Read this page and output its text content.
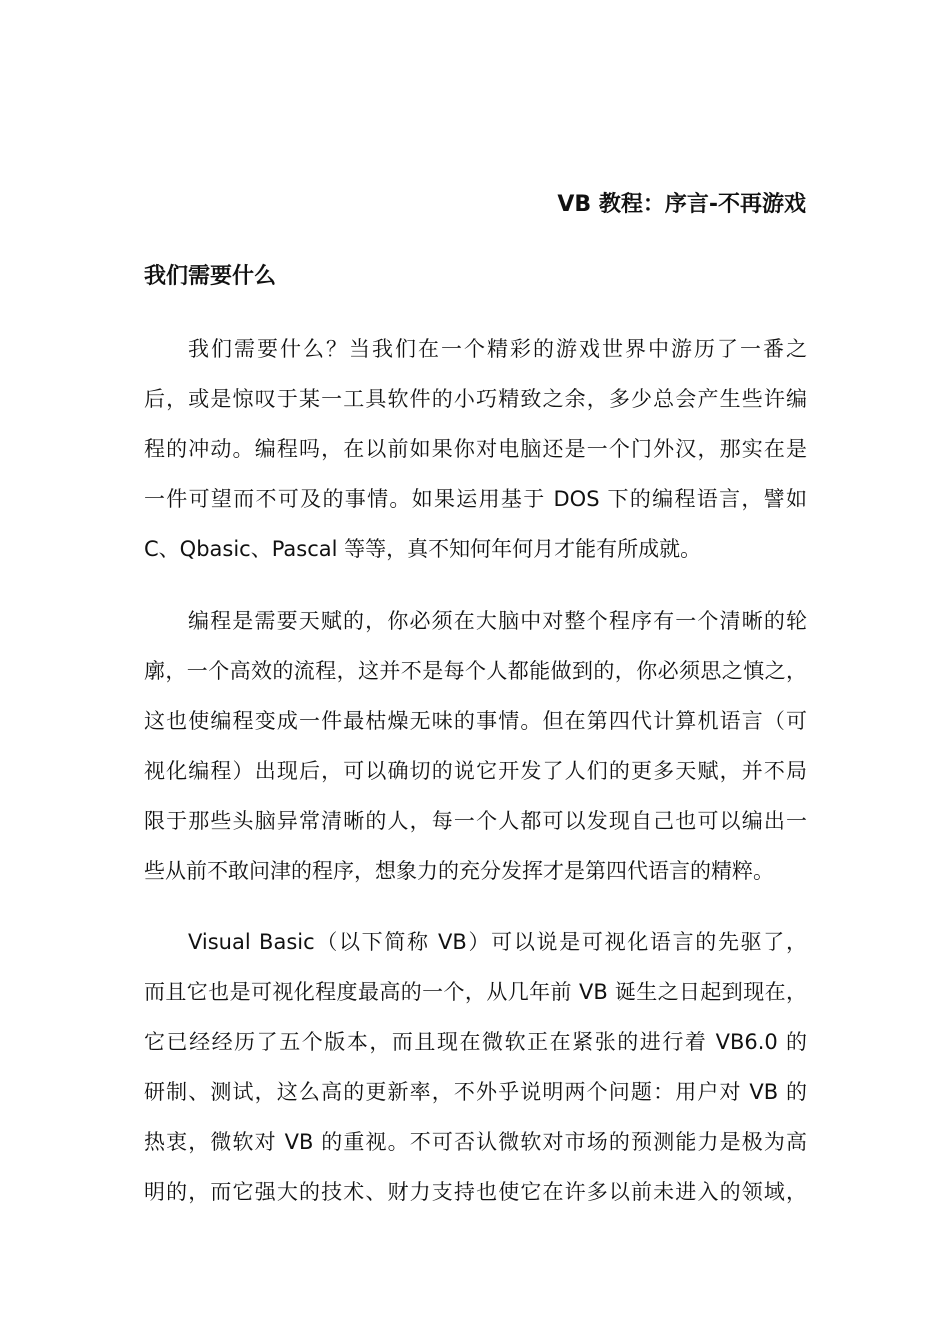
VB 教程：序言-不再游戏
我们需要什么
我们需要什么？当我们在一个精彩的游戏世界中游历了一番之
后，或是惊叹于某一工具软件的小巧精致之余，多少总会产生些许编
程的冲动。编程吗，在以前如果你对电脑还是一个门外汉，那实在是
一件可望而不可及的事情。如果运用基于 DOS 下的编程语言，譬如
C、Qbasic、Pascal 等等，真不知何年何月才能有所成就。
编程是需要天赋的，你必须在大脑中对整个程序有一个清晰的轮
廓，一个高效的流程，这并不是每个人都能做到的，你必须思之慎之，
这也使编程变成一件最枯燥无味的事情。但在第四代计算机语言（可
视化编程）出现后，可以确切的说它开发了人们的更多天赋，并不局
限于那些头脑异常清晰的人，每一个人都可以发现自己也可以编出一
些从前不敢问津的程序，想象力的充分发挥才是第四代语言的精粹。
Visual Basic（以下简称 VB）可以说是可视化语言的先驱了，
而且它也是可视化程度最高的一个，从几年前 VB 诞生之日起到现在，
它已经经历了五个版本，而且现在微软正在紧张的进行着 VB6.0 的
研制、测试，这么高的更新率，不外乎说明两个问题：用户对 VB 的
热衷，微软对 VB 的重视。不可否认微软对市场的预测能力是极为高
明的，而它强大的技术、财力支持也使它在许多以前未进入的领域，
